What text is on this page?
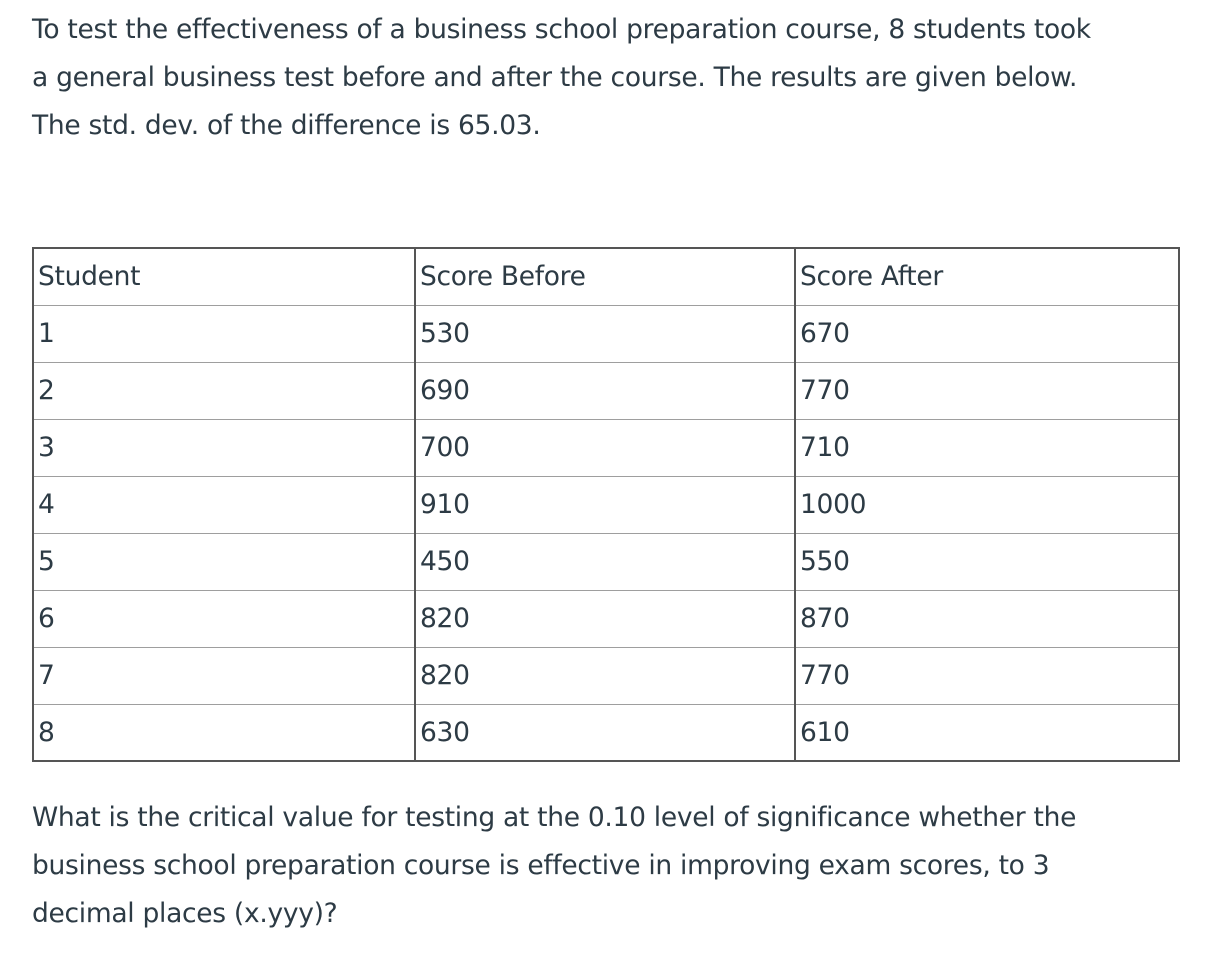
To test the effectiveness of a business school preparation course, 8 students took
a general business test before and after the course. The results are given below.
The std. dev. of the difference is 65.03.

Student	Score Before	Score After
1	530	670
2	690	770
3	700	710
4	910	1000
5	450	550
6	820	870
7	820	770
8	630	610

What is the critical value for testing at the 0.10 level of significance whether the
business school preparation course is effective in improving exam scores, to 3
decimal places (x.yyy)?
